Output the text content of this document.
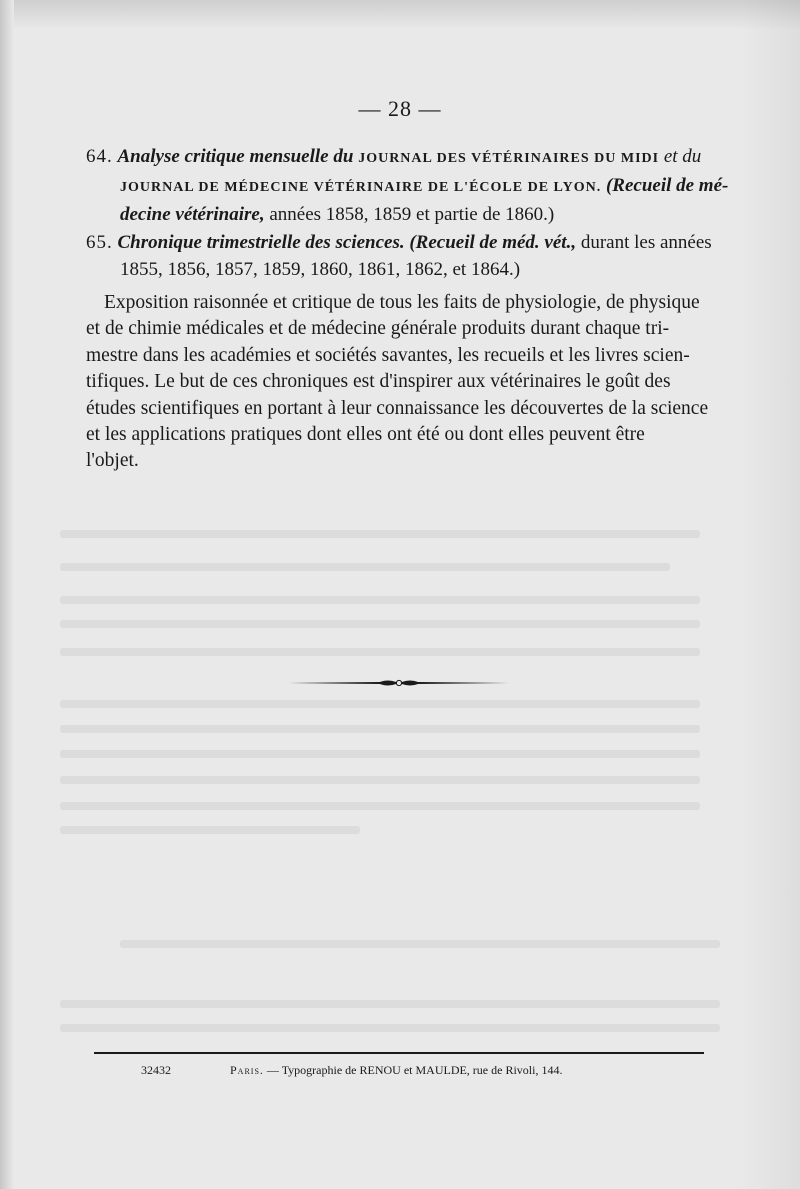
— 28 —
64. Analyse critique mensuelle du JOURNAL DES VÉTÉRINAIRES DU MIDI et du
JOURNAL DE MÉDECINE VÉTÉRINAIRE DE L'ÉCOLE DE LYON. (Recueil de mé-
decine vétérinaire, années 1858, 1859 et partie de 1860.)
65. Chronique trimestrielle des sciences. (Recueil de méd. vét., durant les années
1855, 1856, 1857, 1859, 1860, 1861, 1862, et 1864.)
Exposition raisonnée et critique de tous les faits de physiologie, de physique
et de chimie médicales et de médecine générale produits durant chaque tri-
mestre dans les académies et sociétés savantes, les recueils et les livres scien-
tifiques. Le but de ces chroniques est d'inspirer aux vétérinaires le goût des
études scientifiques en portant à leur connaissance les découvertes de la science
et les applications pratiques dont elles ont été ou dont elles peuvent être
l'objet.
32432	Paris. — Typographie de RENOU et MAULDE, rue de Rivoli, 144.
